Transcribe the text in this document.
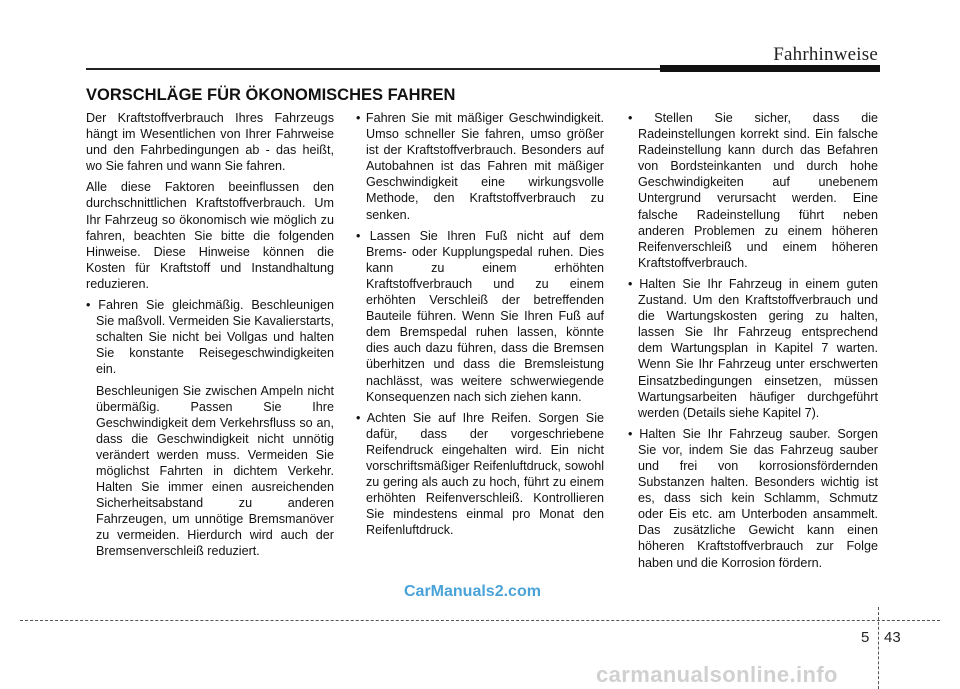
Fahrhinweise
VORSCHLÄGE FÜR ÖKONOMISCHES FAHREN

Der Kraftstoffverbrauch Ihres Fahrzeugs hängt im Wesentlichen von Ihrer Fahrweise und den Fahrbedingungen ab - das heißt, wo Sie fahren und wann Sie fahren.

Alle diese Faktoren beeinflussen den durchschnittlichen Kraftstoffverbrauch. Um Ihr Fahrzeug so ökonomisch wie möglich zu fahren, beachten Sie bitte die folgenden Hinweise. Diese Hinweise können die Kosten für Kraftstoff und Instandhaltung reduzieren.

• Fahren Sie gleichmäßig. Beschleunigen Sie maßvoll. Vermeiden Sie Kavalierstarts, schalten Sie nicht bei Vollgas und halten Sie konstante Reisegeschwindigkeiten ein.

Beschleunigen Sie zwischen Ampeln nicht übermäßig. Passen Sie Ihre Geschwindigkeit dem Verkehrsfluss so an, dass die Geschwindigkeit nicht unnötig verändert werden muss. Vermeiden Sie möglichst Fahrten in dichtem Verkehr. Halten Sie immer einen ausreichenden Sicherheitsabstand zu anderen Fahrzeugen, um unnötige Bremsmanöver zu vermeiden. Hierdurch wird auch der Bremsenverschleiß reduziert.

• Fahren Sie mit mäßiger Geschwindigkeit. Umso schneller Sie fahren, umso größer ist der Kraftstoffverbrauch. Besonders auf Autobahnen ist das Fahren mit mäßiger Geschwindigkeit eine wirkungsvolle Methode, den Kraftstoffverbrauch zu senken.

• Lassen Sie Ihren Fuß nicht auf dem Brems- oder Kupplungspedal ruhen. Dies kann zu einem erhöhten Kraftstoffverbrauch und zu einem erhöhten Verschleiß der betreffenden Bauteile führen. Wenn Sie Ihren Fuß auf dem Bremspedal ruhen lassen, könnte dies auch dazu führen, dass die Bremsen überhitzen und dass die Bremsleistung nachlässt, was weitere schwerwiegende Konsequenzen nach sich ziehen kann.

• Achten Sie auf Ihre Reifen. Sorgen Sie dafür, dass der vorgeschriebene Reifendruck eingehalten wird. Ein nicht vorschriftsmäßiger Reifenluftdruck, sowohl zu gering als auch zu hoch, führt zu einem erhöhten Reifenverschleiß. Kontrollieren Sie mindestens einmal pro Monat den Reifenluftdruck.

• Stellen Sie sicher, dass die Radeinstellungen korrekt sind. Ein falsche Radeinstellung kann durch das Befahren von Bordsteinkanten und durch hohe Geschwindigkeiten auf unebenem Untergrund verursacht werden. Eine falsche Radeinstellung führt neben anderen Problemen zu einem höheren Reifenverschleiß und einem höheren Kraftstoffverbrauch.

• Halten Sie Ihr Fahrzeug in einem guten Zustand. Um den Kraftstoffverbrauch und die Wartungskosten gering zu halten, lassen Sie Ihr Fahrzeug entsprechend dem Wartungsplan in Kapitel 7 warten. Wenn Sie Ihr Fahrzeug unter erschwerten Einsatzbedingungen einsetzen, müssen Wartungsarbeiten häufiger durchgeführt werden (Details siehe Kapitel 7).

• Halten Sie Ihr Fahrzeug sauber. Sorgen Sie vor, indem Sie das Fahrzeug sauber und frei von korrosionsfördernden Substanzen halten. Besonders wichtig ist es, dass sich kein Schlamm, Schmutz oder Eis etc. am Unterboden ansammelt. Das zusätzliche Gewicht kann einen höheren Kraftstoffverbrauch zur Folge haben und die Korrosion fördern.

CarManuals2.com
5 43
carmanualsonline.info
